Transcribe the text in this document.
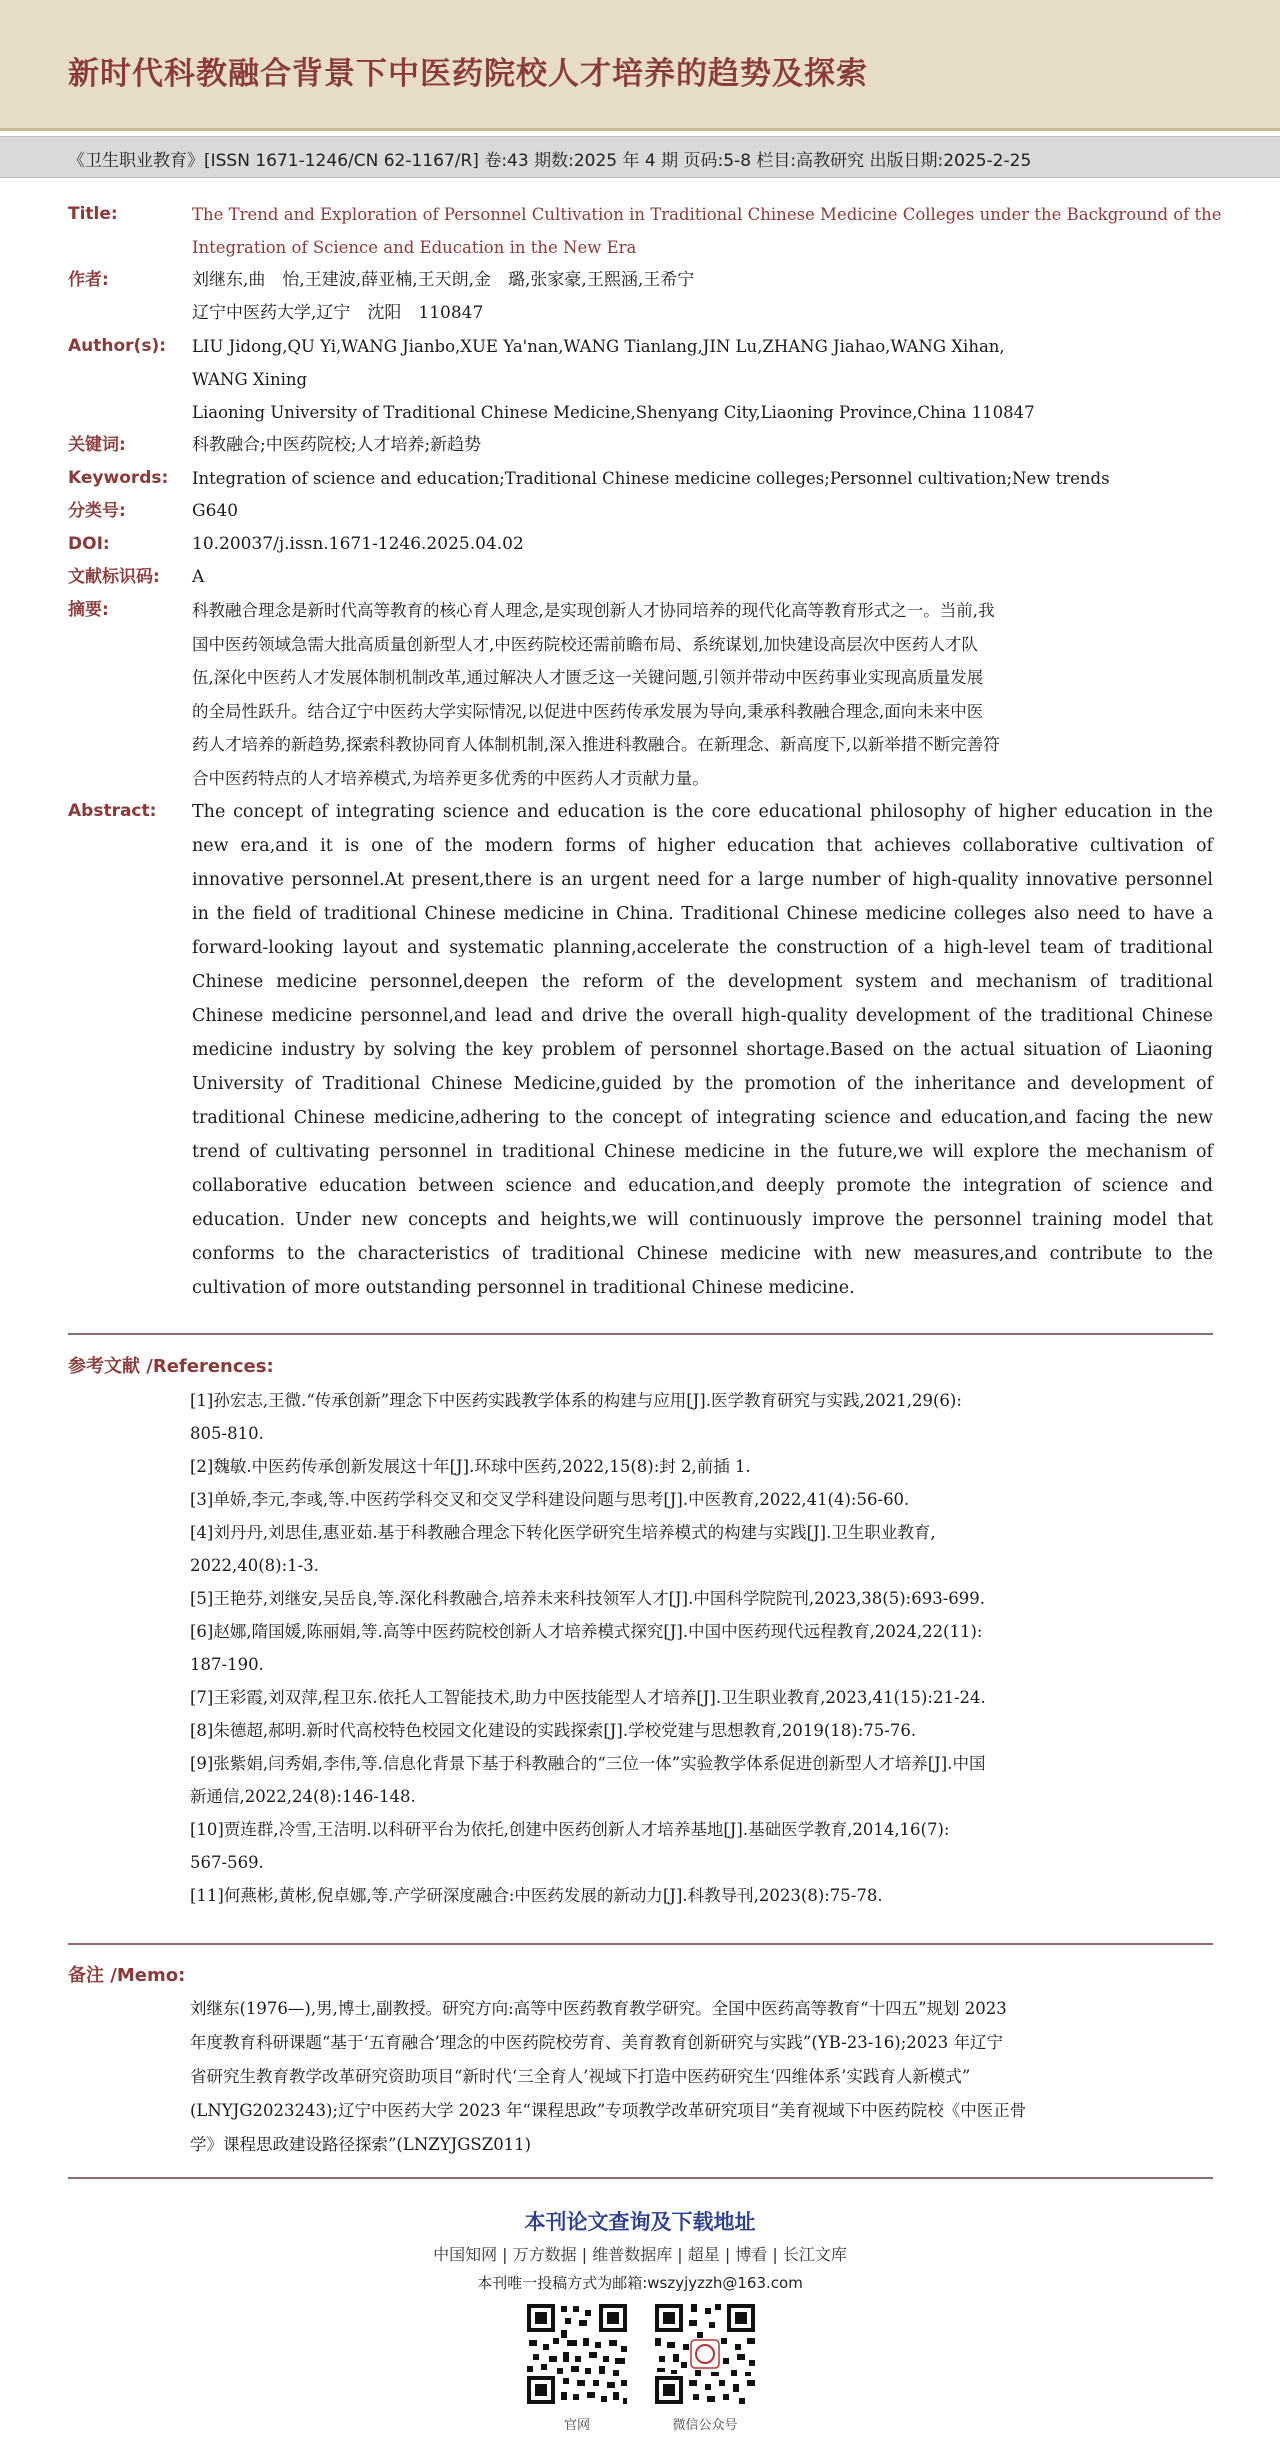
新时代科教融合背景下中医药院校人才培养的趋势及探索
《卫生职业教育》[ISSN 1671-1246/CN 62-1167/R] 卷:43 期数:2025 年 4 期 页码:5-8 栏目:高教研究 出版日期:2025-2-25
Title:	The Trend and Exploration of Personnel Cultivation in Traditional Chinese Medicine Colleges under the Background of the
Integration of Science and Education in the New Era
作者:	刘继东,曲　怡,王建波,薛亚楠,王天朗,金　璐,张家豪,王熙涵,王希宁
辽宁中医药大学,辽宁　沈阳　110847
Author(s):	LIU Jidong,QU Yi,WANG Jianbo,XUE Ya'nan,WANG Tianlang,JIN Lu,ZHANG Jiahao,WANG Xihan,
WANG Xining
Liaoning University of Traditional Chinese Medicine,Shenyang City,Liaoning Province,China 110847
关键词:	科教融合;中医药院校;人才培养;新趋势
Keywords:	Integration of science and education;Traditional Chinese medicine colleges;Personnel cultivation;New trends
分类号:	G640
DOI:	10.20037/j.issn.1671-1246.2025.04.02
文献标识码:	A
摘要:	科教融合理念是新时代高等教育的核心育人理念,是实现创新人才协同培养的现代化高等教育形式之一。当前,我
国中医药领域急需大批高质量创新型人才,中医药院校还需前瞻布局、系统谋划,加快建设高层次中医药人才队
伍,深化中医药人才发展体制机制改革,通过解决人才匮乏这一关键问题,引领并带动中医药事业实现高质量发展
的全局性跃升。结合辽宁中医药大学实际情况,以促进中医药传承发展为导向,秉承科教融合理念,面向未来中医
药人才培养的新趋势,探索科教协同育人体制机制,深入推进科教融合。在新理念、新高度下,以新举措不断完善符
合中医药特点的人才培养模式,为培养更多优秀的中医药人才贡献力量。
Abstract:	The concept of integrating science and education is the core educational philosophy of higher education in the
new era,and it is one of the modern forms of higher education that achieves collaborative cultivation of
innovative personnel.At present,there is an urgent need for a large number of high-quality innovative personnel
in the field of traditional Chinese medicine in China. Traditional Chinese medicine colleges also need to have a
forward-looking layout and systematic planning,accelerate the construction of a high-level team of traditional
Chinese medicine personnel,deepen the reform of the development system and mechanism of traditional
Chinese medicine personnel,and lead and drive the overall high-quality development of the traditional Chinese
medicine industry by solving the key problem of personnel shortage.Based on the actual situation of Liaoning
University of Traditional Chinese Medicine,guided by the promotion of the inheritance and development of
traditional Chinese medicine,adhering to the concept of integrating science and education,and facing the new
trend of cultivating personnel in traditional Chinese medicine in the future,we will explore the mechanism of
collaborative education between science and education,and deeply promote the integration of science and
education. Under new concepts and heights,we will continuously improve the personnel training model that
conforms to the characteristics of traditional Chinese medicine with new measures,and contribute to the
cultivation of more outstanding personnel in traditional Chinese medicine.
参考文献 /References:
[1]孙宏志,王微.“传承创新”理念下中医药实践教学体系的构建与应用[J].医学教育研究与实践,2021,29(6):
805-810.
[2]魏敏.中医药传承创新发展这十年[J].环球中医药,2022,15(8):封 2,前插 1.
[3]单娇,李元,李彧,等.中医药学科交叉和交叉学科建设问题与思考[J].中医教育,2022,41(4):56-60.
[4]刘丹丹,刘思佳,惠亚茹.基于科教融合理念下转化医学研究生培养模式的构建与实践[J].卫生职业教育,
2022,40(8):1-3.
[5]王艳芬,刘继安,吴岳良,等.深化科教融合,培养未来科技领军人才[J].中国科学院院刊,2023,38(5):693-699.
[6]赵娜,隋国媛,陈丽娟,等.高等中医药院校创新人才培养模式探究[J].中国中医药现代远程教育,2024,22(11):
187-190.
[7]王彩霞,刘双萍,程卫东.依托人工智能技术,助力中医技能型人才培养[J].卫生职业教育,2023,41(15):21-24.
[8]朱德超,郝明.新时代高校特色校园文化建设的实践探索[J].学校党建与思想教育,2019(18):75-76.
[9]张紫娟,闫秀娟,李伟,等.信息化背景下基于科教融合的“三位一体”实验教学体系促进创新型人才培养[J].中国
新通信,2022,24(8):146-148.
[10]贾连群,冷雪,王洁明.以科研平台为依托,创建中医药创新人才培养基地[J].基础医学教育,2014,16(7):
567-569.
[11]何燕彬,黄彬,倪卓娜,等.产学研深度融合:中医药发展的新动力[J].科教导刊,2023(8):75-78.
备注 /Memo:
刘继东(1976—),男,博士,副教授。研究方向:高等中医药教育教学研究。全国中医药高等教育“十四五”规划 2023
年度教育科研课题“基于‘五育融合’理念的中医药院校劳育、美育教育创新研究与实践”(YB-23-16);2023 年辽宁
省研究生教育教学改革研究资助项目“新时代‘三全育人’视域下打造中医药研究生‘四维体系’实践育人新模式”
(LNYJG2023243);辽宁中医药大学 2023 年“课程思政”专项教学改革研究项目“美育视域下中医药院校《中医正骨
学》课程思政建设路径探索”(LNZYJGSZ011)
本刊论文查询及下载地址
中国知网 | 万方数据 | 维普数据库 | 超星 | 博看 | 长江文库
本刊唯一投稿方式为邮箱:wszyjyzzh@163.com
官网	微信公众号
